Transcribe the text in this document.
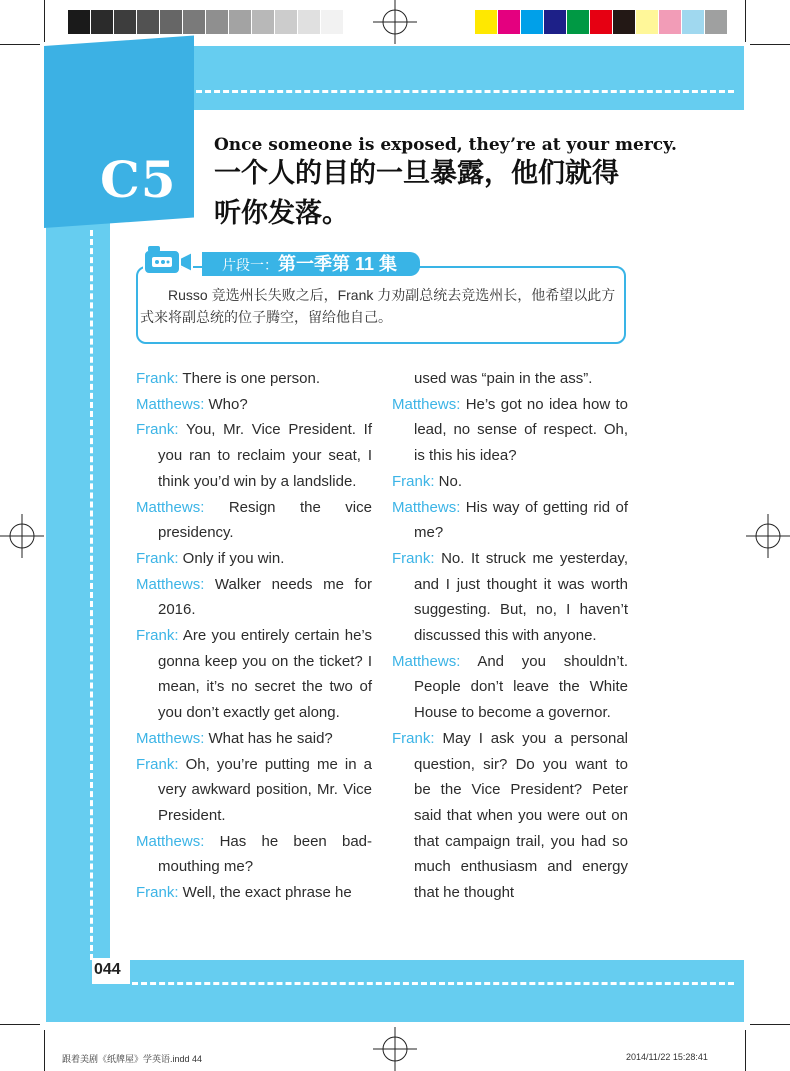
C5
Once someone is exposed, they’re at your mercy.
一个人的目的一旦暴露，他们就得听你发落。
片段一：第一季第 11 集
Russo 竞选州长失败之后，Frank 力劝副总统去竞选州长，他希望以此方式来将副总统的位子腾空，留给他自己。

Frank: There is one person.

Matthews: Who?

Frank: You, Mr. Vice President. If you ran to reclaim your seat, I think you’d win by a landslide.

Matthews: Resign the vice presidency.

Frank: Only if you win.

Matthews: Walker needs me for 2016.

Frank: Are you entirely certain he’s gonna keep you on the ticket? I mean, it’s no secret the two of you don’t exactly get along.

Matthews: What has he said?

Frank: Oh, you’re putting me in a very awkward position, Mr. Vice President.

Matthews: Has he been bad-mouthing me?

Frank: Well, the exact phrase he

used was “pain in the ass”.

Matthews: He’s got no idea how to lead, no sense of respect. Oh, is this his idea?

Frank: No.

Matthews: His way of getting rid of me?

Frank: No. It struck me yesterday, and I just thought it was worth suggesting. But, no, I haven’t discussed this with anyone.

Matthews: And you shouldn’t. People don’t leave the White House to become a governor.

Frank: May I ask you a personal question, sir? Do you want to be the Vice President? Peter said that when you were out on that campaign trail, you had so much enthusiasm and energy that he thought

044
跟着美剧《纸牌屋》学英语.indd 44	2014/11/22 15:28:41
